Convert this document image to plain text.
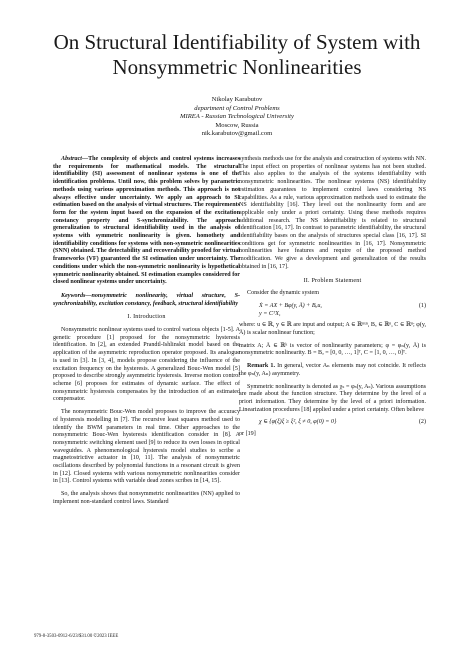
On Structural Identifiability of System with
Nonsymmetric Nonlinearities
Nikolay Karabutov
department of Control Problems
MIREA - Russian Technological University
Moscow, Russia
nik.karabutov@gmail.com

Abstract—The complexity of objects and control systems increases the requirements for mathematical models. The structural identifiability (SI) assessment of nonlinear systems is one of the identification problems. Until now, this problem solves by parametric methods using various approximation methods. This approach is not always effective under uncertainty. We apply an approach to SI estimation based on the analysis of virtual structures. The requirements form for the system input based on the expansion of the excitation constancy property and S-synchronizability. The approach generalization to structural identifiability used in the analysis of systems with symmetric nonlinearity is given. homothety and identifiability conditions for systems with non-symmetric nonlinearities (SNN) obtained. The detectability and recoverability proofed for virtual frameworks (VF) guaranteed the SI estimation under uncertainty. The conditions under which the non-symmetric nonlinearity is hypothetical symmetric nonlinearity obtained. SI estimation examples considered for closed nonlinear systems under uncertainty.

Keywords—nonsymmetric nonlinearity, virtual structure, S-synchronizability, excitation constancy, feedback, structural identifiability

I. Introduction

Nonsymmetric nonlinear systems used to control various objects [1-5]. A genetic procedure [1] proposed for the nonsymmetric hysteresis identification. In [2], an extended Prandtl-Ishlinskii model based on the application of the asymmetric reproduction operator proposed. Its analogue is used in [3]. In [3, 4], models propose considering the influence of the excitation frequency on the hysteresis. A generalized Bouc-Wen model [5] proposed to describe strongly asymmetric hysteresis. Inverse motion control scheme [6] proposes for estimates of dynamic surface. The effect of nonsymmetric hysteresis compensates by the introduction of an estimated compensator.

The nonsymmetric Bouc-Wen model proposes to improve the accuracy of hysteresis modelling in [7]. The recursive least squares method used to identify the BWM parameters in real time. Other approaches to the nonsymmetric Bouc-Wen hysteresis identification consider in [8]. A nonsymmetric switching element used [9] to reduce its own losses in optical waveguides. A phenomenological hysteresis model studies to scribe a magnetostrictive actuator in [10, 11]. The analysis of nonsymmetric oscillations described by polynomial functions in a resonant circuit is given in [12]. Closed systems with various nonsymmetric nonlinearities consider in [13]. Control systems with variable dead zones scribes in [14, 15].

So, the analysis shows that nonsymmetric nonlinearities (NN) applied to implement non-standard control laws. Standard

synthesis methods use for the analysis and construction of systems with NN. The input effect on properties of nonlinear systems has not been studied. This also applies to the analysis of the systems identifiability with nonsymmetric nonlinearities. The nonlinear systems (NS) identifiability estimation guarantees to implement control laws considering NS capabilities. As a rule, various approximation methods used to estimate the NS identifiability [16]. They level out the nonlinearity form and are applicable only under a priori certainty. Using these methods requires additional research. The NS identifiability is related to structural identification [16, 17]. In contrast to parametric identifiability, the structural identifiability bases on the analysis of structures special class [16, 17]. SI conditions get for symmetric nonlinearities in [16, 17]. Nonsymmetric nonlinearities have features and require of the proposed method modification. We give a development and generalization of the results obtained in [16, 17].

II. Problem Statement

Consider the dynamic system

Ẋ = AX + Bφ(y, Ā) + Bₐu,
y = CᵀX,
(1)

where: u ∈ ℝ, y ∈ ℝ are input and output; A ∈ ℝⁿˣⁿ, Bₐ ∈ ℝⁿ, C ∈ ℝⁿ; φ(y, Ā) is scalar nonlinear function;

matrix A; Ā ∈ ℝᵏ is vector of nonlinearity parameters; φ = φₙ(y, Ā) is nonsymmetric nonlinearity. B = Bₐ = [0, 0, …, 1]ᵀ, C = [1, 0, …, 0]ᵀ.

Remark 1. In general, vector Aₙ elements may not coincide. It reflects the φₙ(y, Aₙ) asymmetry.

Symmetric nonlinearity is denoted as χₛ = φₛ(y, Aₛ). Various assumptions are made about the function structure. They determine by the level of a priori information. They determine by the level of a priori information. Linearization procedures [18] applied under a priori certainty. Often believe

χ ∈ {φ(ξ)ξ ≥ ξ², ξ ≠ 0, φ(0) = 0}	(2)

or [19]

979-8-3503-0912-6/23/$31.00 ©2023 IEEE
